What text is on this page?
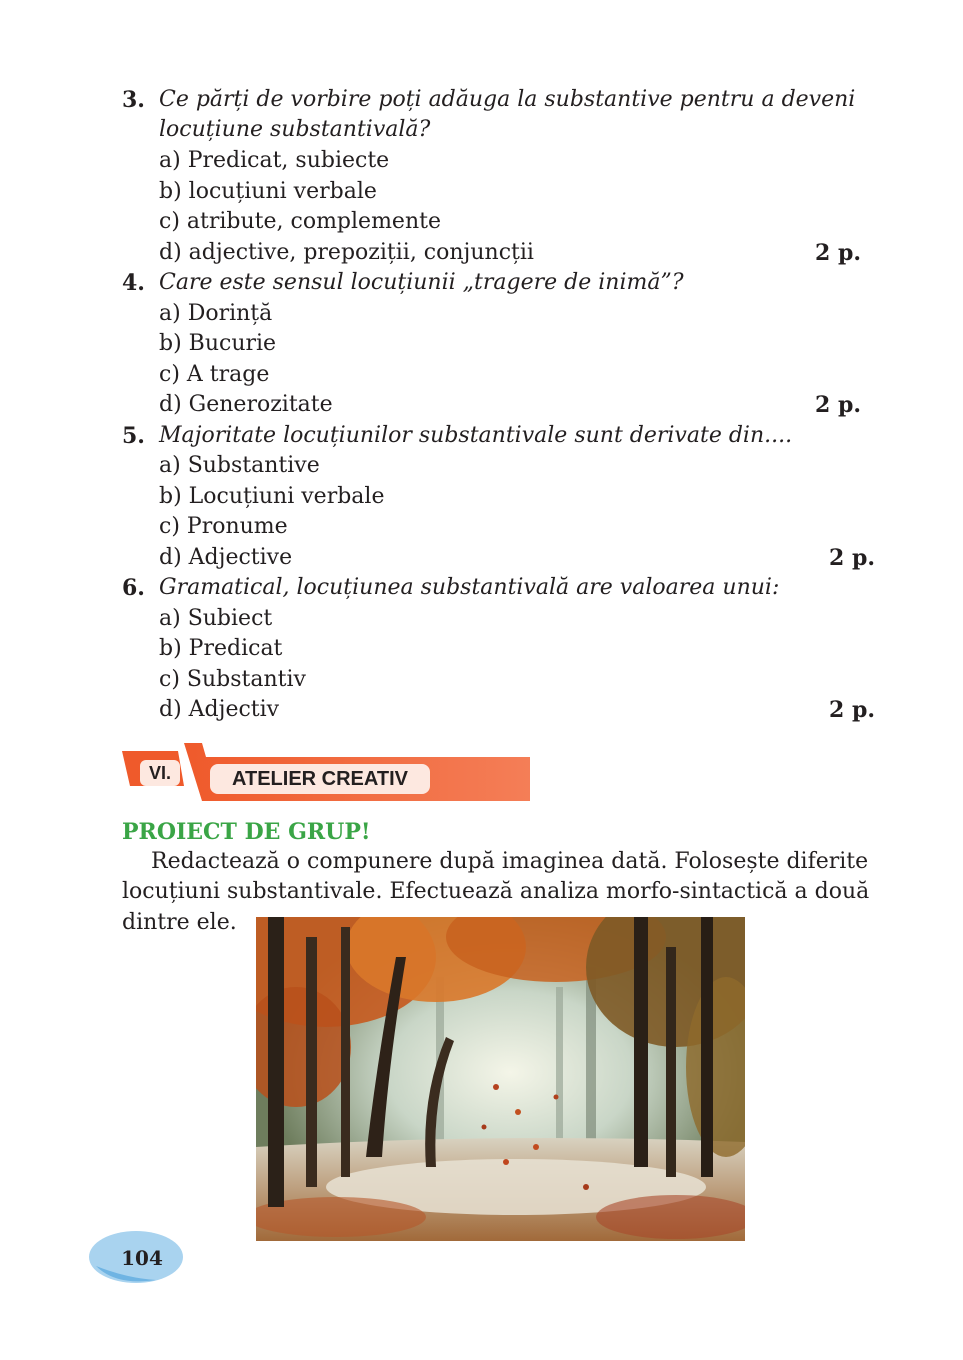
3. Ce părți de vorbire poți adăuga la substantive pentru a deveni
locuțiune substantivală?
a) Predicat, subiecte
b) locuțiuni verbale
c) atribute, complemente
d) adjective, prepoziții, conjuncții	2 p.
4. Care este sensul locuțiunii „tragere de inimă”?
a) Dorință
b) Bucurie
c) A trage
d) Generozitate	2 p.
5. Majoritate locuțiunilor substantivale sunt derivate din....
a) Substantive
b) Locuțiuni verbale
c) Pronume
d) Adjective	2 p.
6. Gramatical, locuțiunea substantivală are valoarea unui:
a) Subiect
b) Predicat
c) Substantiv
d) Adjectiv	2 p.
VI.	ATELIER CREATIV
PROIECT DE GRUP!
Redactează o compunere după imaginea dată. Folosește diferite
locuțiuni substantivale. Efectuează analiza morfo-sintactică a două
dintre ele.
104
